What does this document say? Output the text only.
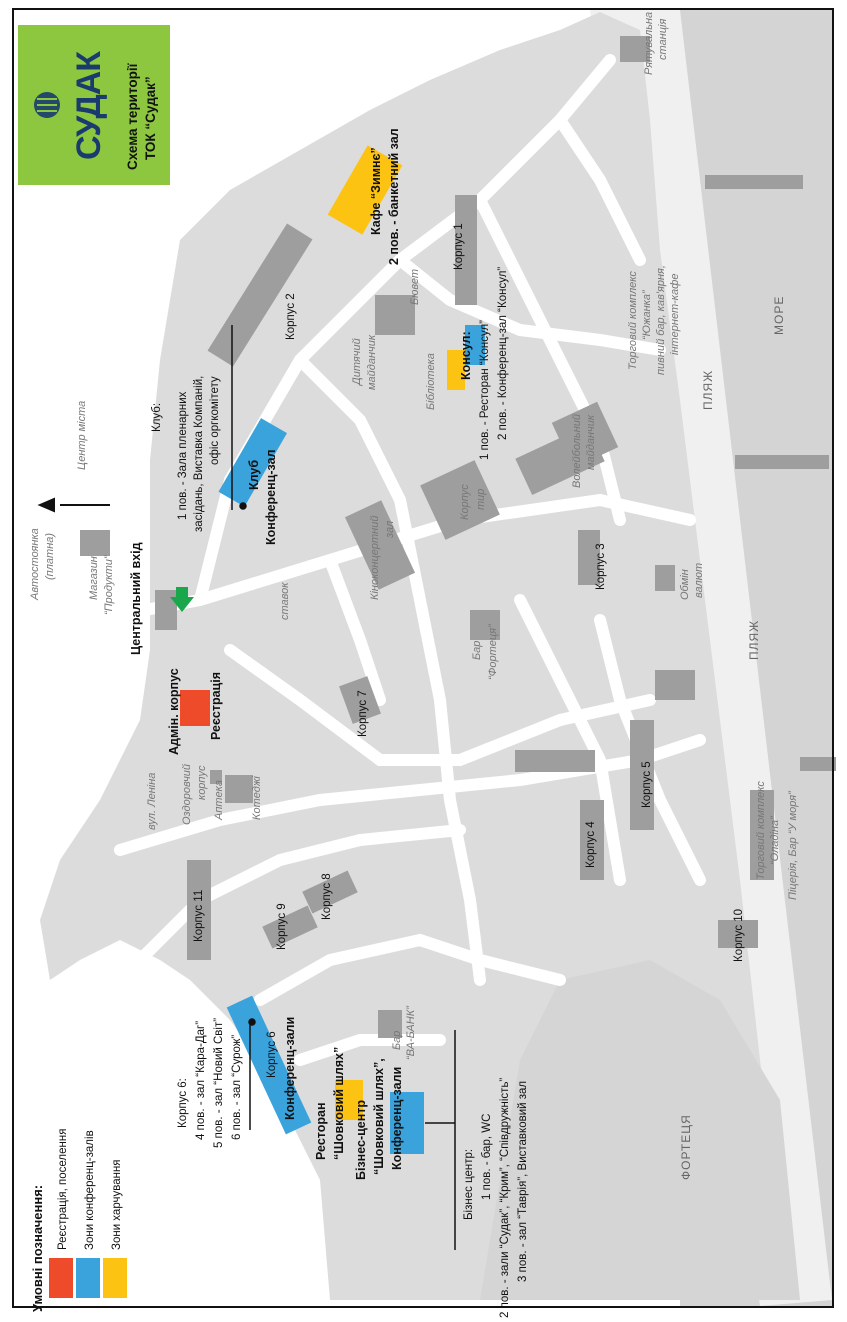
СУДАК Схема території ТОК “Судак”
Умовні позначення: Реєстрація, поселення Зони конференц-залів Зони харчування
Клуб: 1 пов. - Зала пленарних засідань, Виставка Компаній, офіс оргкомітету	1 пов. - Ресторан “Консул” 2 пов. - Конференц-зал “Консул”
Консул:
Кафе “Зимнє” 2 пов. - банкетний зал
Корпус 6: 4 пов. - зал “Кара-Даг” 5 пов. - зал “Новий Світ” 6 пов. - зал “Сурож”
Бізнес центр: 1 пов. - бар, WC 2 пов. - зали “Судак”, “Крим”, “Співдружність” 3 пов. - зал “Таврія”, Виставковий зал
Центральний вхід
Адмін. корпус Реєстрація
Клуб Конференц-зал
Конференц-зали
Ресторан “Шовковий шлях” Бізнес-центр “Шовковий шлях”, Конференц-зали
Корпус 1
Корпус 2
Корпус 3
Корпус 4
Корпус 5
Корпус 6
Корпус 7
Корпус 8
Корпус 9	Корпус 10
Корпус 11
Рятувальна станція
Торговий комплекс “Южанка” пивний бар, кав'ярня, інтернет-кафе
Торговий комплекс “Оладіна” Піцерія, Бар “У моря”
Обмін валют
Волейбольний майданчик
Бар “Фортеця”
Кіноконцертний зал
Корпус тир
ставок
Дитячий майданчик	Бібліотека
Бювет
Автостоянка (платна)	Магазин “Продукти”
Центр міста
вул. Леніна Оздоровчий корпус Аптека Котеджі
Бар “ВА-БАНК”
МОРЕ
ПЛЯЖ
ПЛЯЖ
ФОРТЕЦЯ
